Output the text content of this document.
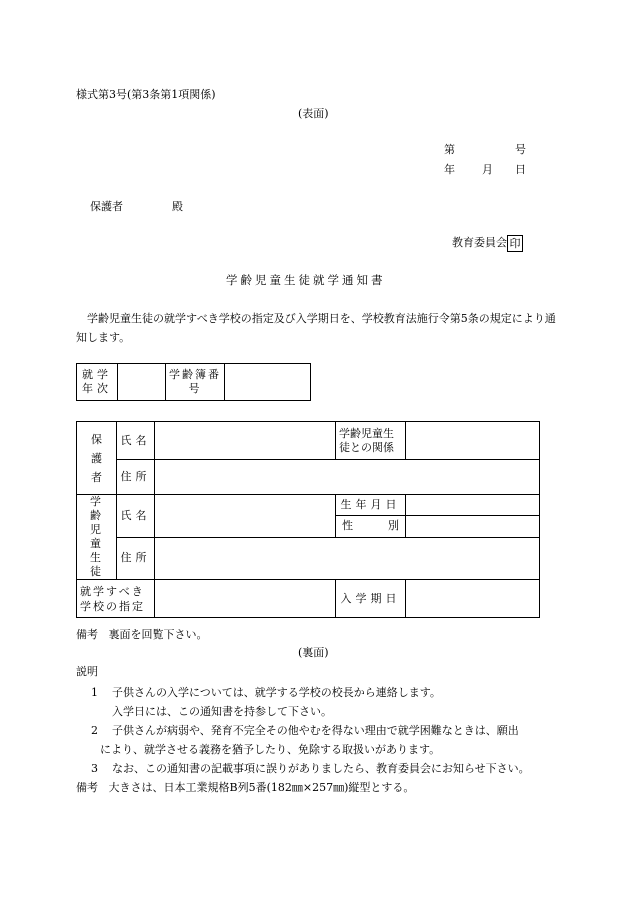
様式第3号(第3条第1項関係)
(表面)
第	号
年 月 日
保護者	殿
教育委員会 印
学齢児童生徒就学通知書
学齢児童生徒の就学すべき学校の指定及び入学期日を、学校教育法施行令第5条の規定により通知します。
就学年次		学齢簿番号	
保護者	氏名		学齢児童生徒との関係	
	住所			
学齢児童生徒	氏名		生年月日	
			性別	
	住所			
就学すべき学校の指定			入学期日	
備考 裏面を回覧下さい。
(裏面)
説明
1 子供さんの入学については、就学する学校の校長から連絡します。
入学日には、この通知書を持参して下さい。
2 子供さんが病弱や、発育不完全その他やむを得ない理由で就学困難なときは、願出
により、就学させる義務を猶予したり、免除する取扱いがあります。
3 なお、この通知書の記載事項に誤りがありましたら、教育委員会にお知らせ下さい。
備考 大きさは、日本工業規格B列5番(182㎜×257㎜)縦型とする。
